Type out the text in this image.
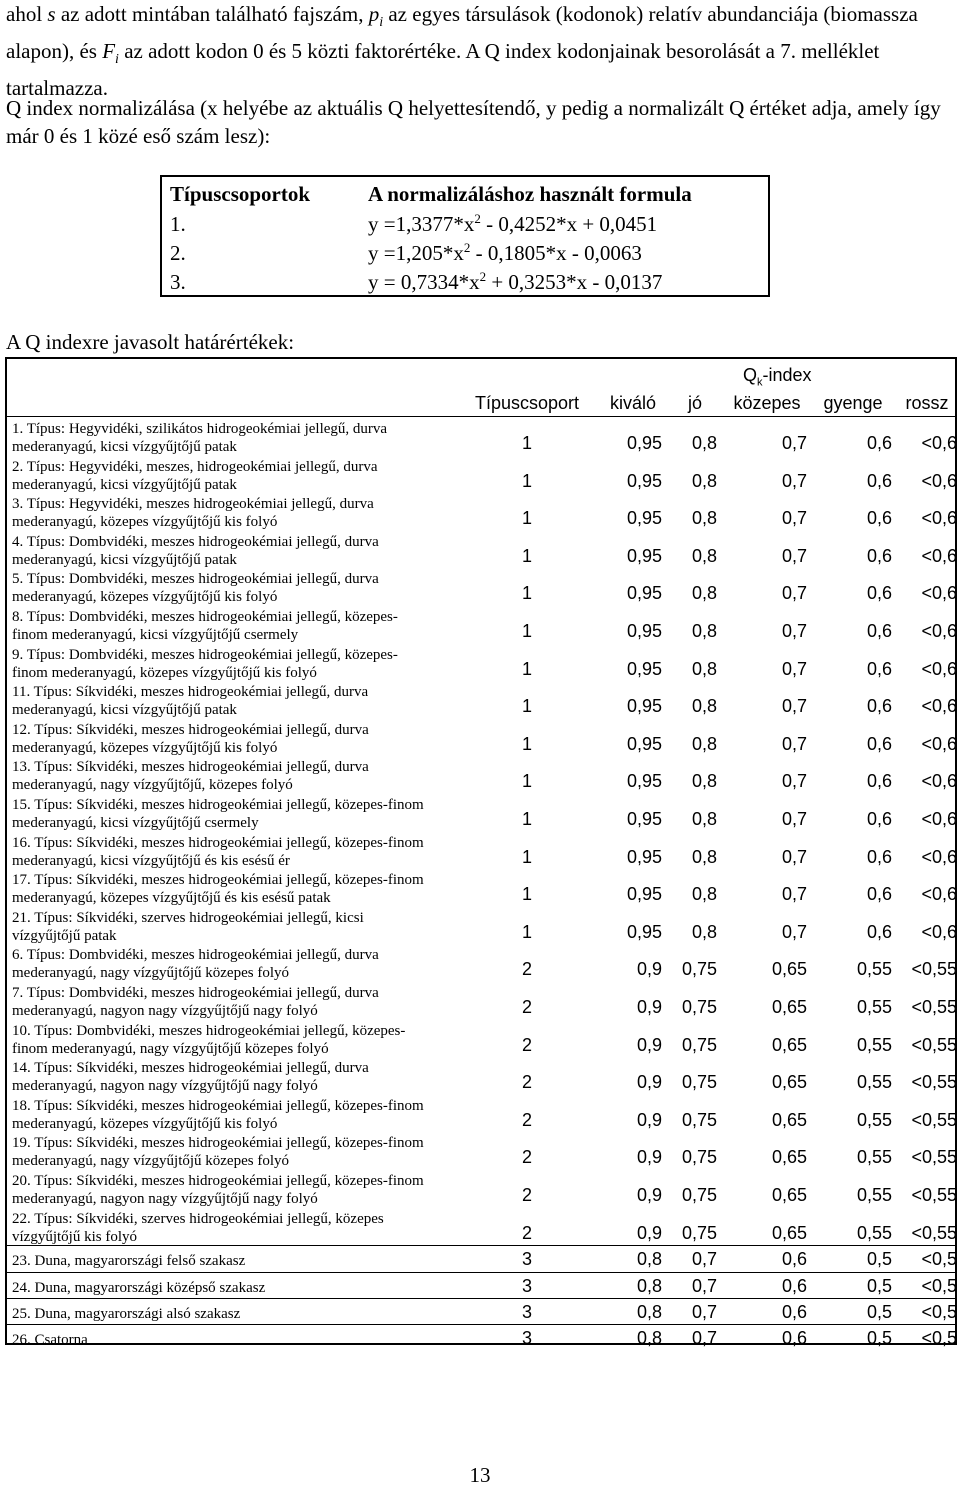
ahol s az adott mintában található fajszám, $p_i$ az egyes társulások (kodonok) relatív abundanciája (biomassza alapon), és $F_i$ az adott kodon 0 és 5 közti faktorértéke. A Q index kodonjainak besorolását a 7. melléklet tartalmazza.

Q index normalizálása (x helyébe az aktuális Q helyettesítendő, y pedig a normalizált Q értéket adja, amely így már 0 és 1 közé eső szám lesz):

Típuscsoportok	A normalizáláshoz használt formula
1.	$y =1,3377*x^2 - 0,4252*x + 0,0451$
2.	$y =1,205*x^2 - 0,1805*x - 0,0063$
3.	$y = 0,7334*x^2 + 0,3253*x - 0,0137$

A Q indexre javasolt határértékek:

$Q_k$-index
Típuscsoport kiváló jó közepes gyenge rossz
1. Típus: Hegyvidéki, szilikátos hidrogeokémiai jellegű, durva mederanyagú, kicsi vízgyűjtőjű patak	1	0,95 0,8	0,7	0,6 <0,6
2. Típus: Hegyvidéki, meszes, hidrogeokémiai jellegű, durva mederanyagú, kicsi vízgyűjtőjű patak	1	0,95 0,8	0,7	0,6 <0,6
3. Típus: Hegyvidéki, meszes hidrogeokémiai jellegű, durva mederanyagú, közepes vízgyűjtőjű kis folyó	1	0,95 0,8	0,7	0,6 <0,6
4. Típus: Dombvidéki, meszes hidrogeokémiai jellegű, durva mederanyagú, kicsi vízgyűjtőjű patak	1	0,95 0,8	0,7	0,6 <0,6
5. Típus: Dombvidéki, meszes hidrogeokémiai jellegű, durva mederanyagú, közepes vízgyűjtőjű kis folyó	1	0,95 0,8	0,7	0,6 <0,6
8. Típus: Dombvidéki, meszes hidrogeokémiai jellegű, közepes-finom mederanyagú, kicsi vízgyűjtőjű csermely	1	0,95 0,8	0,7	0,6 <0,6
9. Típus: Dombvidéki, meszes hidrogeokémiai jellegű, közepes-finom mederanyagú, közepes vízgyűjtőjű kis folyó	1	0,95 0,8	0,7	0,6 <0,6
11. Típus: Síkvidéki, meszes hidrogeokémiai jellegű, durva mederanyagú, kicsi vízgyűjtőjű patak	1	0,95 0,8	0,7	0,6 <0,6
12. Típus: Síkvidéki, meszes hidrogeokémiai jellegű, durva mederanyagú, közepes vízgyűjtőjű kis folyó	1	0,95 0,8	0,7	0,6 <0,6
13. Típus: Síkvidéki, meszes hidrogeokémiai jellegű, durva mederanyagú, nagy vízgyűjtőjű, közepes folyó	1	0,95 0,8	0,7	0,6 <0,6
15. Típus: Síkvidéki, meszes hidrogeokémiai jellegű, közepes-finom mederanyagú, kicsi vízgyűjtőjű csermely	1	0,95 0,8	0,7	0,6 <0,6
16. Típus: Síkvidéki, meszes hidrogeokémiai jellegű, közepes-finom mederanyagú, kicsi vízgyűjtőjű és kis esésű ér	1	0,95 0,8	0,7	0,6 <0,6
17. Típus: Síkvidéki, meszes hidrogeokémiai jellegű, közepes-finom mederanyagú, közepes vízgyűjtőjű és kis esésű patak	1	0,95 0,8	0,7	0,6 <0,6
21. Típus: Síkvidéki, szerves hidrogeokémiai jellegű, kicsi vízgyűjtőjű patak	1	0,95 0,8	0,7	0,6 <0,6
6. Típus: Dombvidéki, meszes hidrogeokémiai jellegű, durva mederanyagú, nagy vízgyűjtőjű közepes folyó	2	0,9 0,75	0,65	0,55 <0,55
7. Típus: Dombvidéki, meszes hidrogeokémiai jellegű, durva mederanyagú, nagyon nagy vízgyűjtőjű nagy folyó	2	0,9 0,75	0,65	0,55 <0,55
10. Típus: Dombvidéki, meszes hidrogeokémiai jellegű, közepes-finom mederanyagú, nagy vízgyűjtőjű közepes folyó	2	0,9 0,75	0,65	0,55 <0,55
14. Típus: Síkvidéki, meszes hidrogeokémiai jellegű, durva mederanyagú, nagyon nagy vízgyűjtőjű nagy folyó	2	0,9 0,75	0,65	0,55 <0,55
18. Típus: Síkvidéki, meszes hidrogeokémiai jellegű, közepes-finom mederanyagú, közepes vízgyűjtőjű kis folyó	2	0,9 0,75	0,65	0,55 <0,55
19. Típus: Síkvidéki, meszes hidrogeokémiai jellegű, közepes-finom mederanyagú, nagy vízgyűjtőjű közepes folyó	2	0,9 0,75	0,65	0,55 <0,55
20. Típus: Síkvidéki, meszes hidrogeokémiai jellegű, közepes-finom mederanyagú, nagyon nagy vízgyűjtőjű nagy folyó	2	0,9 0,75	0,65	0,55 <0,55
22. Típus: Síkvidéki, szerves hidrogeokémiai jellegű, közepes vízgyűjtőjű kis folyó	2	0,9 0,75	0,65	0,55 <0,55
23. Duna, magyarországi felső szakasz	3	0,8 0,7	0,6	0,5 <0,5
24. Duna, magyarországi középső szakasz	3	0,8 0,7	0,6	0,5 <0,5
25. Duna, magyarországi alsó szakasz	3	0,8 0,7	0,6	0,5 <0,5
26. Csatorna	3	0,8 0,7	0,6	0,5 <0,5
13
